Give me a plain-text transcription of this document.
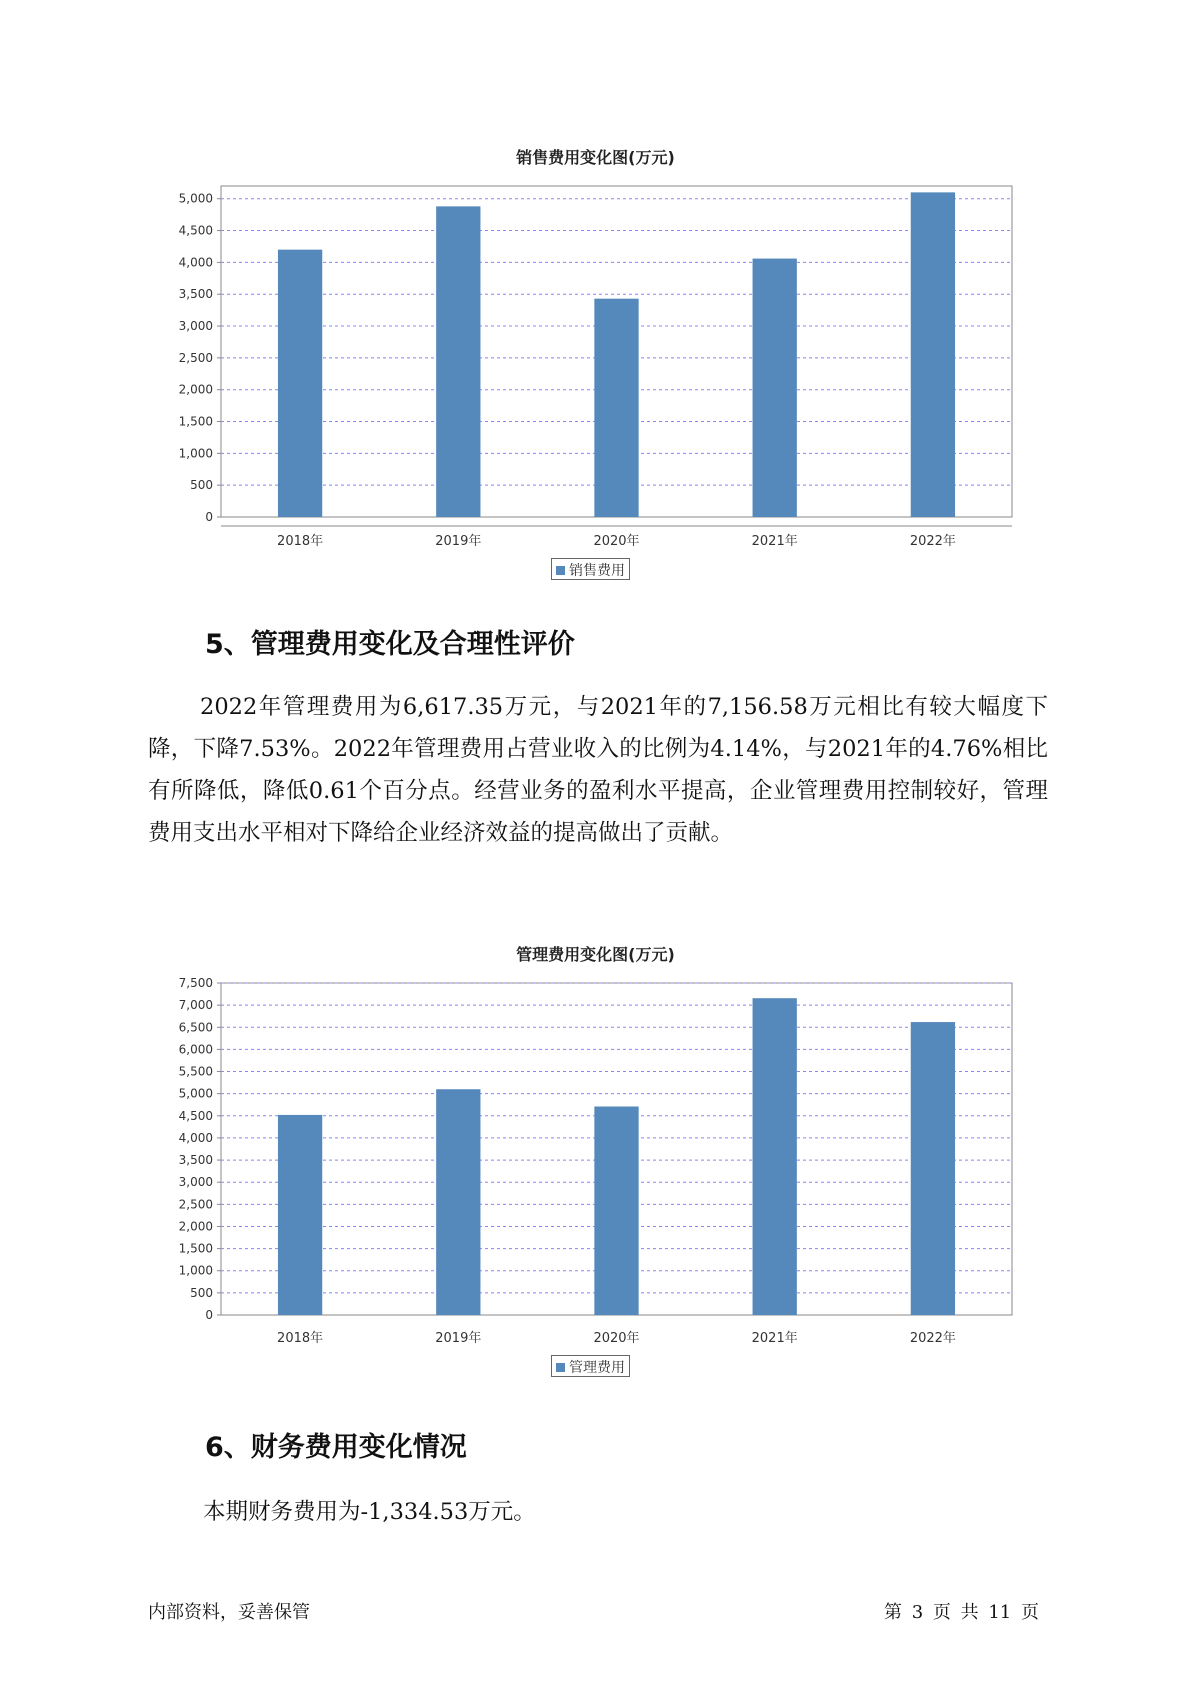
销售费用变化图(万元)
0
500
1,000
1,500
2,000
2,500
3,000
3,500
4,000
4,500
5,000
2018年	2019年	2020年	2021年	2022年
销售费用
5、管理费用变化及合理性评价
2022年管理费用为6,617.35万元，与2021年的7,156.58万元相比有较大幅度下降，下降7.53%。2022年管理费用占营业收入的比例为4.14%，与2021年的4.76%相比有所降低，降低0.61个百分点。经营业务的盈利水平提高，企业管理费用控制较好，管理费用支出水平相对下降给企业经济效益的提高做出了贡献。
管理费用变化图(万元)
0
500
1,000
1,500
2,000
2,500
3,000
3,500
4,000
4,500
5,000
5,500
6,000
6,500
7,000
7,500
2018年	2019年	2020年	2021年	2022年
管理费用
6、财务费用变化情况
本期财务费用为-1,334.53万元。
内部资料，妥善保管	第 3 页 共 11 页
